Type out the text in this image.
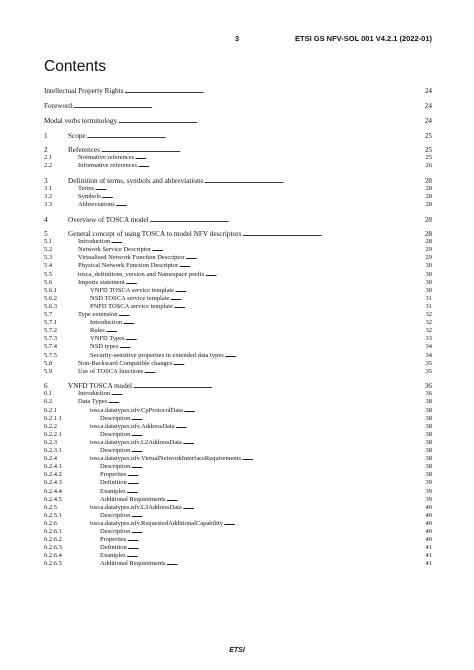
3	ETSI GS NFV-SOL 001 V4.2.1 (2022-01)
Contents
Intellectual Property Rights . . .	24
Foreword . . .	24
Modal verbs terminology . . .	24
1	Scope . . .	25
2	References . . .	25
2.1	Normative references . . .	25
2.2	Informative references . . .	26
3	Definition of terms, symbols and abbreviations . . .	28
3.1	Terms . . .	28
3.2	Symbols . . .	28
3.3	Abbreviations . . .	28
4	Overview of TOSCA model . . .	28
5	General concept of using TOSCA to model NFV descriptors . . .	28
5.1	Introduction . . .	28
5.2	Network Service Descriptor . . .	29
5.3	Virtualised Network Function Descriptor . . .	29
5.4	Physical Network Function Descriptor . . .	30
5.5	tosca_definitions_version and Namespace prefix . . .	30
5.6	Imports statement . . .	30
5.6.1	VNFD TOSCA service template . . .	30
5.6.2	NSD TOSCA service template . . .	31
5.6.3	PNFD TOSCA service template . . .	31
5.7	Type extension . . .	32
5.7.1	Introduction . . .	32
5.7.2	Rules . . .	32
5.7.3	VNFD Types . . .	33
5.7.4	NSD types . . .	34
5.7.5	Security-sensitive properties in extended data types . . .	34
5.8	Non-Backward Compatible changes . . .	35
5.9	Use of TOSCA functions . . .	35
6	VNFD TOSCA model . . .	36
6.1	Introduction . . .	36
6.2	Data Types . . .	38
6.2.1	tosca.datatypes.nfv.CpProtocolData . . .	38
6.2.1.1	Description . . .	38
6.2.2	tosca.datatypes.nfv.AddressData . . .	38
6.2.2.1	Description . . .	38
6.2.3	tosca.datatypes.nfv.L2AddressData . . .	38
6.2.3.1	Description . . .	38
6.2.4	tosca.datatypes.nfv.VirtualNetworkInterfaceRequirements . . .	38
6.2.4.1	Description . . .	38
6.2.4.2	Properties . . .	38
6.2.4.3	Definition . . .	39
6.2.4.4	Examples . . .	39
6.2.4.5	Additional Requirements . . .	39
6.2.5	tosca.datatypes.nfv.L3AddressData . . .	40
6.2.5.1	Description . . .	40
6.2.6	tosca.datatypes.nfv.RequestedAdditionalCapability . . .	40
6.2.6.1	Description . . .	40
6.2.6.2	Properties . . .	40
6.2.6.3	Definition . . .	41
6.2.6.4	Examples . . .	41
6.2.6.5	Additional Requirements . . .	41
ETSI
